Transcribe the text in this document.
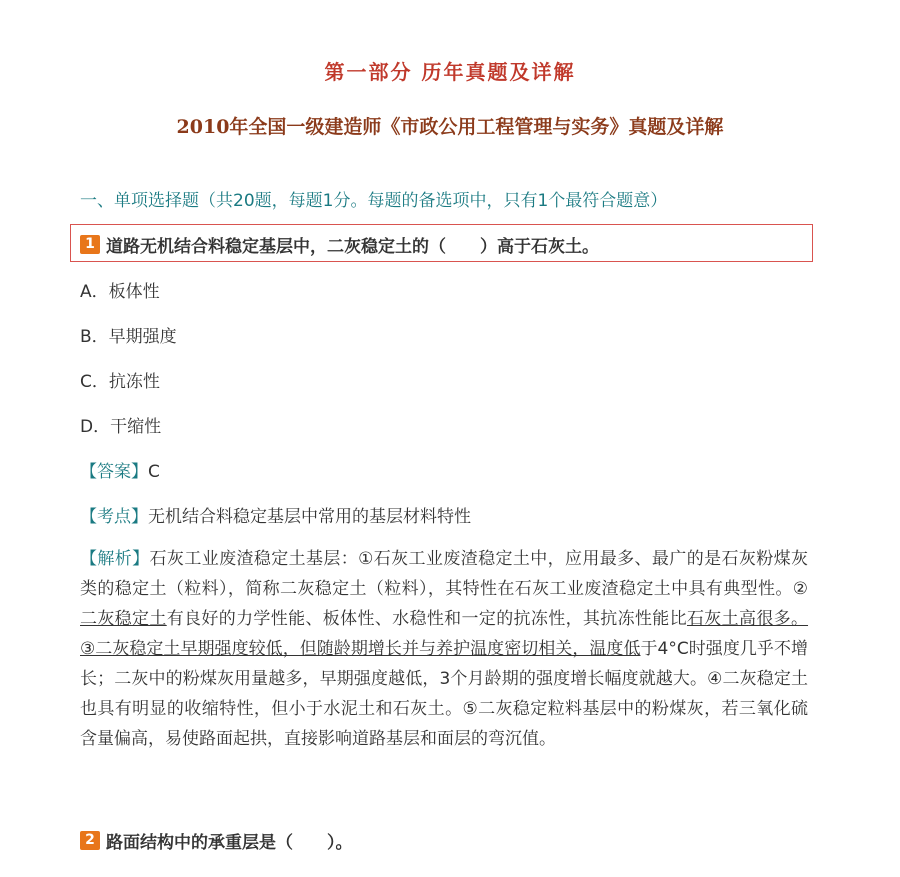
第一部分 历年真题及详解
2010年全国一级建造师《市政公用工程管理与实务》真题及详解
一、单项选择题（共20题，每题1分。每题的备选项中，只有1个最符合题意）
1 道路无机结合料稳定基层中，二灰稳定土的（　　）高于石灰土。
A．板体性
B．早期强度
C．抗冻性
D．干缩性
【答案】C
【考点】无机结合料稳定基层中常用的基层材料特性
【解析】石灰工业废渣稳定土基层：①石灰工业废渣稳定土中，应用最多、最广的是石灰粉煤灰类的稳定土（粒料），简称二灰稳定土（粒料），其特性在石灰工业废渣稳定土中具有典型性。②二灰稳定土有良好的力学性能、板体性、水稳性和一定的抗冻性，其抗冻性能比石灰土高很多。③二灰稳定土早期强度较低，但随龄期增长并与养护温度密切相关，温度低于4°C时强度几乎不增长；二灰中的粉煤灰用量越多，早期强度越低，3个月龄期的强度增长幅度就越大。④二灰稳定土也具有明显的收缩特性，但小于水泥土和石灰土。⑤二灰稳定粒料基层中的粉煤灰，若三氧化硫含量偏高，易使路面起拱，直接影响道路基层和面层的弯沉值。
2 路面结构中的承重层是（　　）。
